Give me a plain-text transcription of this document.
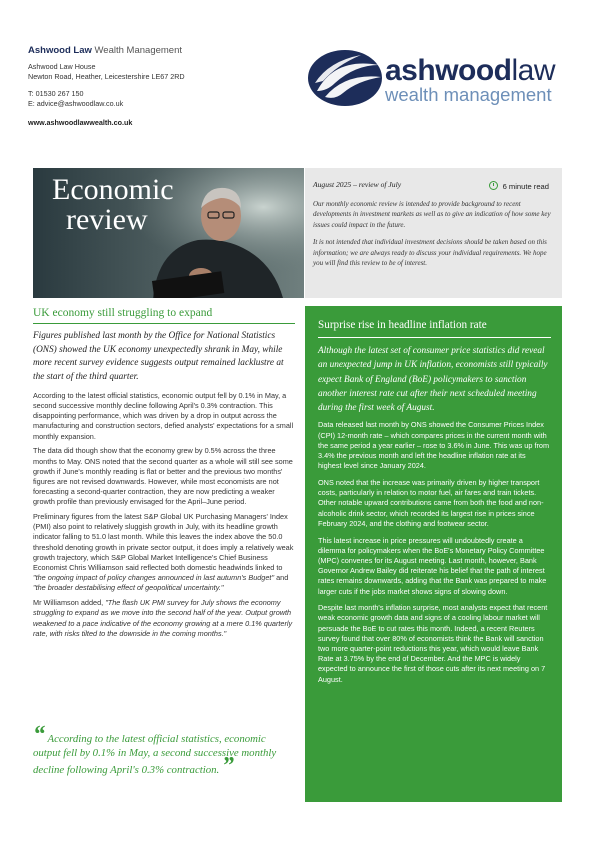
Ashwood Law Wealth Management
Ashwood Law House
Newton Road, Heather, Leicestershire LE67 2RD
T: 01530 267 150
E: advice@ashwoodlaw.co.uk
www.ashwoodlawwealth.co.uk
ashwoodlaw
wealth management
Economic
review
August 2025 – review of July	6 minute read

Our monthly economic review is intended to provide background to recent developments in investment markets as well as to give an indication of how some key issues could impact in the future.

It is not intended that individual investment decisions should be taken based on this information; we are always ready to discuss your individual requirements. We hope you will find this review to be of interest.

UK economy still struggling to expand

Figures published last month by the Office for National Statistics (ONS) showed the UK economy unexpectedly shrank in May, while more recent survey evidence suggests output remained lacklustre at the start of the third quarter.

According to the latest official statistics, economic output fell by 0.1% in May, a second successive monthly decline following April's 0.3% contraction. This disappointing performance, which was driven by a drop in output across the manufacturing and construction sectors, defied analysts' expectations for a small monthly expansion.

The data did though show that the economy grew by 0.5% across the three months to May. ONS noted that the second quarter as a whole will still see some growth if June's monthly reading is flat or better and the previous two months' figures are not revised downwards. However, while most economists are not forecasting a second-quarter contraction, they are now predicting a weaker growth profile than previously envisaged for the April–June period.

Preliminary figures from the latest S&P Global UK Purchasing Managers' Index (PMI) also point to relatively sluggish growth in July, with its headline growth indicator falling to 51.0 last month. While this leaves the index above the 50.0 threshold denoting growth in private sector output, it does imply a relatively weak growth trajectory, which S&P Global Market Intelligence's Chief Business Economist Chris Williamson said reflected both domestic headwinds linked to "the ongoing impact of policy changes announced in last autumn's Budget" and "the broader destabilising effect of geopolitical uncertainty."

Mr Williamson added, "The flash UK PMI survey for July shows the economy struggling to expand as we move into the second half of the year. Output growth weakened to a pace indicative of the economy growing at a mere 0.1% quarterly rate, with risks tilted to the downside in the coming months."

“ According to the latest official statistics, economic output fell by 0.1% in May, a second successive monthly decline following April's 0.3% contraction. ”
Surprise rise in headline inflation rate

Although the latest set of consumer price statistics did reveal an unexpected jump in UK inflation, economists still typically expect Bank of England (BoE) policymakers to sanction another interest rate cut after their next scheduled meeting during the first week of August.

Data released last month by ONS showed the Consumer Prices Index (CPI) 12-month rate – which compares prices in the current month with the same period a year earlier – rose to 3.6% in June. This was up from 3.4% the previous month and left the headline inflation rate at its highest level since January 2024.

ONS noted that the increase was primarily driven by higher transport costs, particularly in relation to motor fuel, air fares and train tickets. Other notable upward contributions came from both the food and non-alcoholic drink sector, which recorded its largest rise in prices since February 2024, and the clothing and footwear sector.

This latest increase in price pressures will undoubtedly create a dilemma for policymakers when the BoE's Monetary Policy Committee (MPC) convenes for its August meeting. Last month, however, Bank Governor Andrew Bailey did reiterate his belief that the path of interest rates remains downwards, adding that the Bank was prepared to make larger cuts if the jobs market shows signs of slowing down.

Despite last month's inflation surprise, most analysts expect that recent weak economic growth data and signs of a cooling labour market will persuade the BoE to cut rates this month. Indeed, a recent Reuters survey found that over 80% of economists think the Bank will sanction two more quarter-point reductions this year, which would leave Bank Rate at 3.75% by the end of December. And the MPC is widely expected to announce the first of those cuts after its next meeting on 7 August.
